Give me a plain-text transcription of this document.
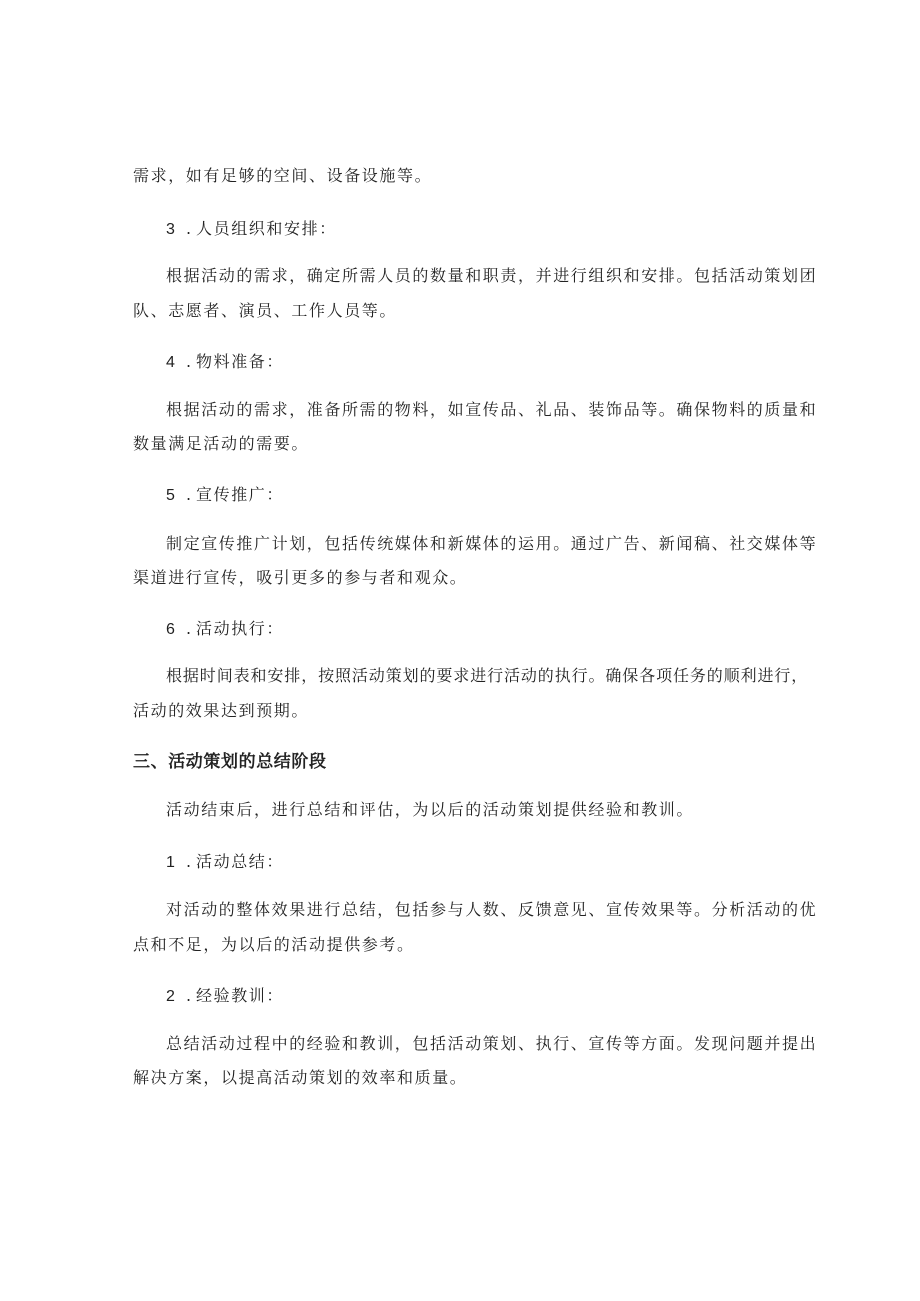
需求，如有足够的空间、设备设施等。
3 . 人员组织和安排：
根据活动的需求，确定所需人员的数量和职责，并进行组织和安排。包括活动策划团
队、志愿者、演员、工作人员等。
4 . 物料准备：
根据活动的需求，准备所需的物料，如宣传品、礼品、装饰品等。确保物料的质量和
数量满足活动的需要。
5 . 宣传推广：
制定宣传推广计划，包括传统媒体和新媒体的运用。通过广告、新闻稿、社交媒体等
渠道进行宣传，吸引更多的参与者和观众。
6 . 活动执行：
根据时间表和安排，按照活动策划的要求进行活动的执行。确保各项任务的顺利进行，
活动的效果达到预期。
三、活动策划的总结阶段
活动结束后，进行总结和评估，为以后的活动策划提供经验和教训。
1 . 活动总结：
对活动的整体效果进行总结，包括参与人数、反馈意见、宣传效果等。分析活动的优
点和不足，为以后的活动提供参考。
2 . 经验教训：
总结活动过程中的经验和教训，包括活动策划、执行、宣传等方面。发现问题并提出
解决方案，以提高活动策划的效率和质量。
